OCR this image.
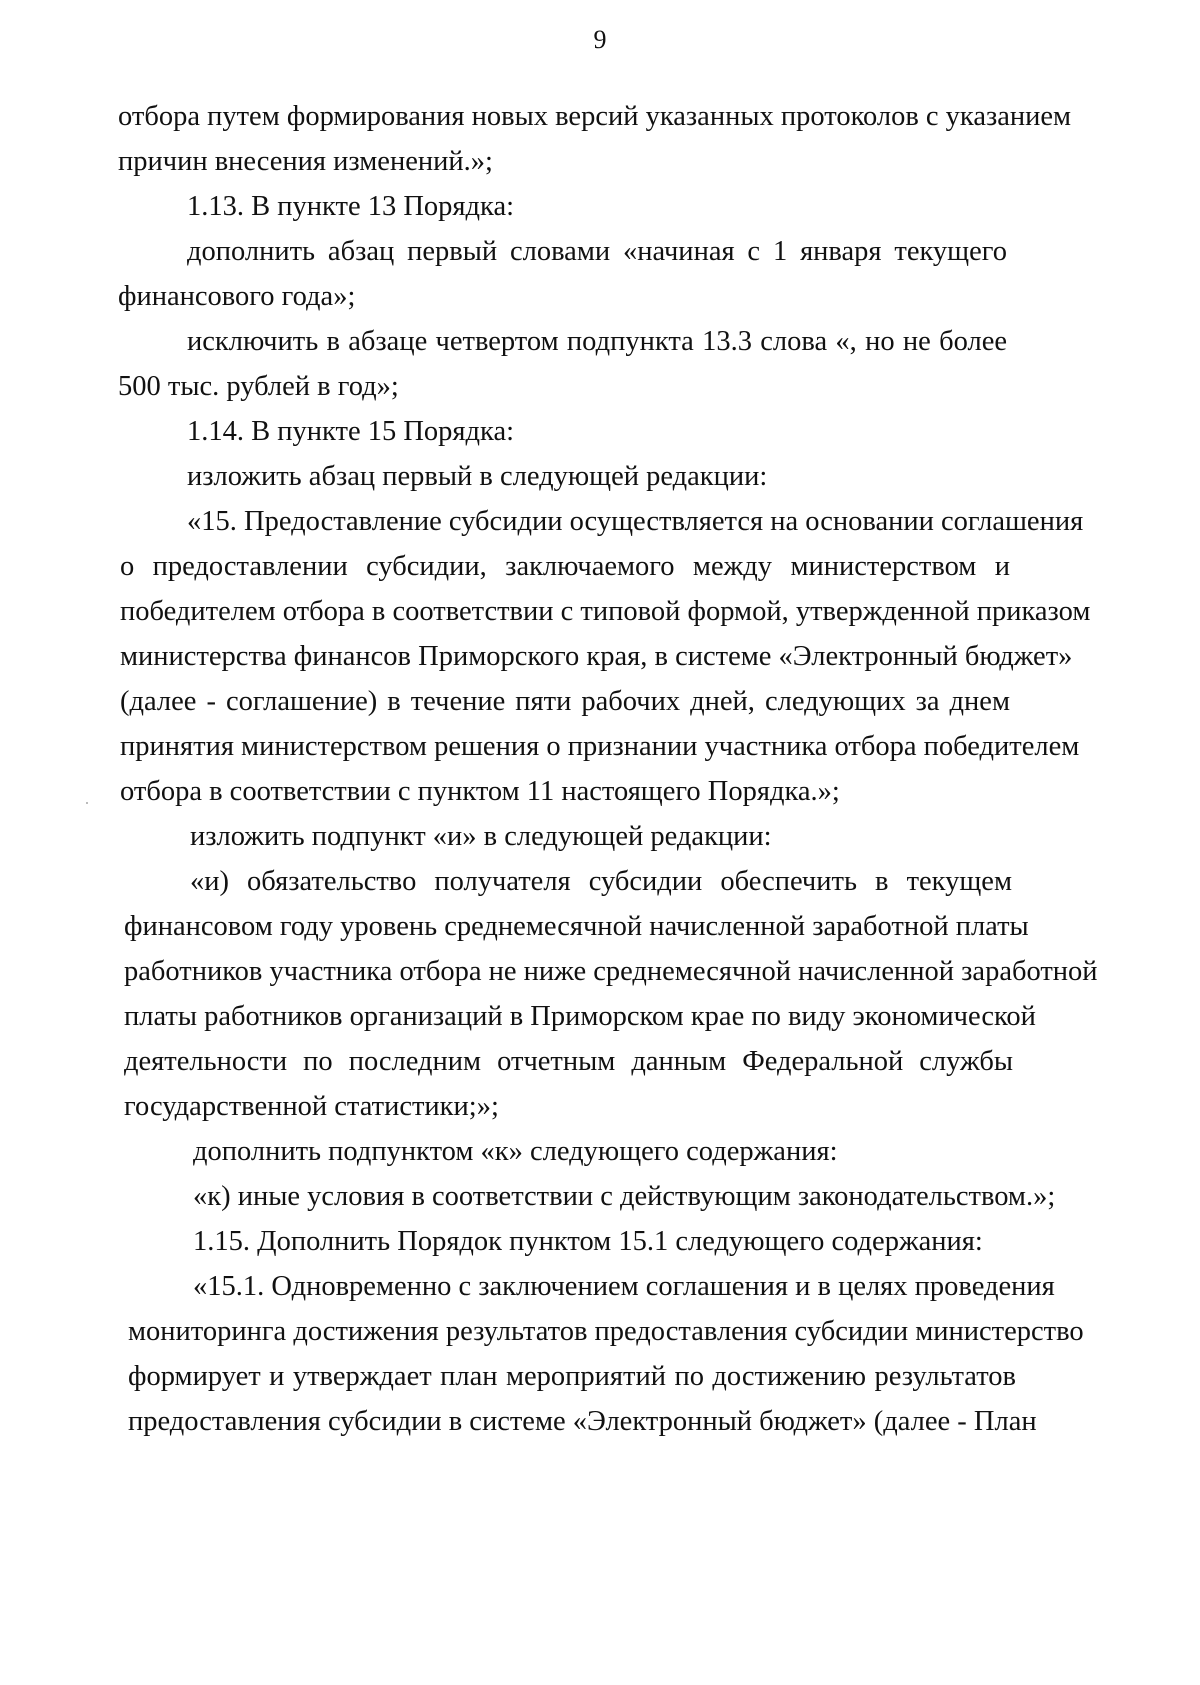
9
отбора путем формирования новых версий указанных протоколов с указанием
причин внесения изменений.»;
1.13. В пункте 13 Порядка:
дополнить абзац первый словами «начиная с 1 января текущего
финансового года»;
исключить в абзаце четвертом подпункта 13.3 слова «, но не более
500 тыс. рублей в год»;
1.14. В пункте 15 Порядка:
изложить абзац первый в следующей редакции:
«15. Предоставление субсидии осуществляется на основании соглашения
о предоставлении субсидии, заключаемого между министерством и
победителем отбора в соответствии с типовой формой, утвержденной приказом
министерства финансов Приморского края, в системе «Электронный бюджет»
(далее - соглашение) в течение пяти рабочих дней, следующих за днем
принятия министерством решения о признании участника отбора победителем
отбора в соответствии с пунктом 11 настоящего Порядка.»;
изложить подпункт «и» в следующей редакции:
«и) обязательство получателя субсидии обеспечить в текущем
финансовом году уровень среднемесячной начисленной заработной платы
работников участника отбора не ниже среднемесячной начисленной заработной
платы работников организаций в Приморском крае по виду экономической
деятельности по последним отчетным данным Федеральной службы
государственной статистики;»;
дополнить подпунктом «к» следующего содержания:
«к) иные условия в соответствии с действующим законодательством.»;
1.15. Дополнить Порядок пунктом 15.1 следующего содержания:
«15.1. Одновременно с заключением соглашения и в целях проведения
мониторинга достижения результатов предоставления субсидии министерство
формирует и утверждает план мероприятий по достижению результатов
предоставления субсидии в системе «Электронный бюджет» (далее - План
